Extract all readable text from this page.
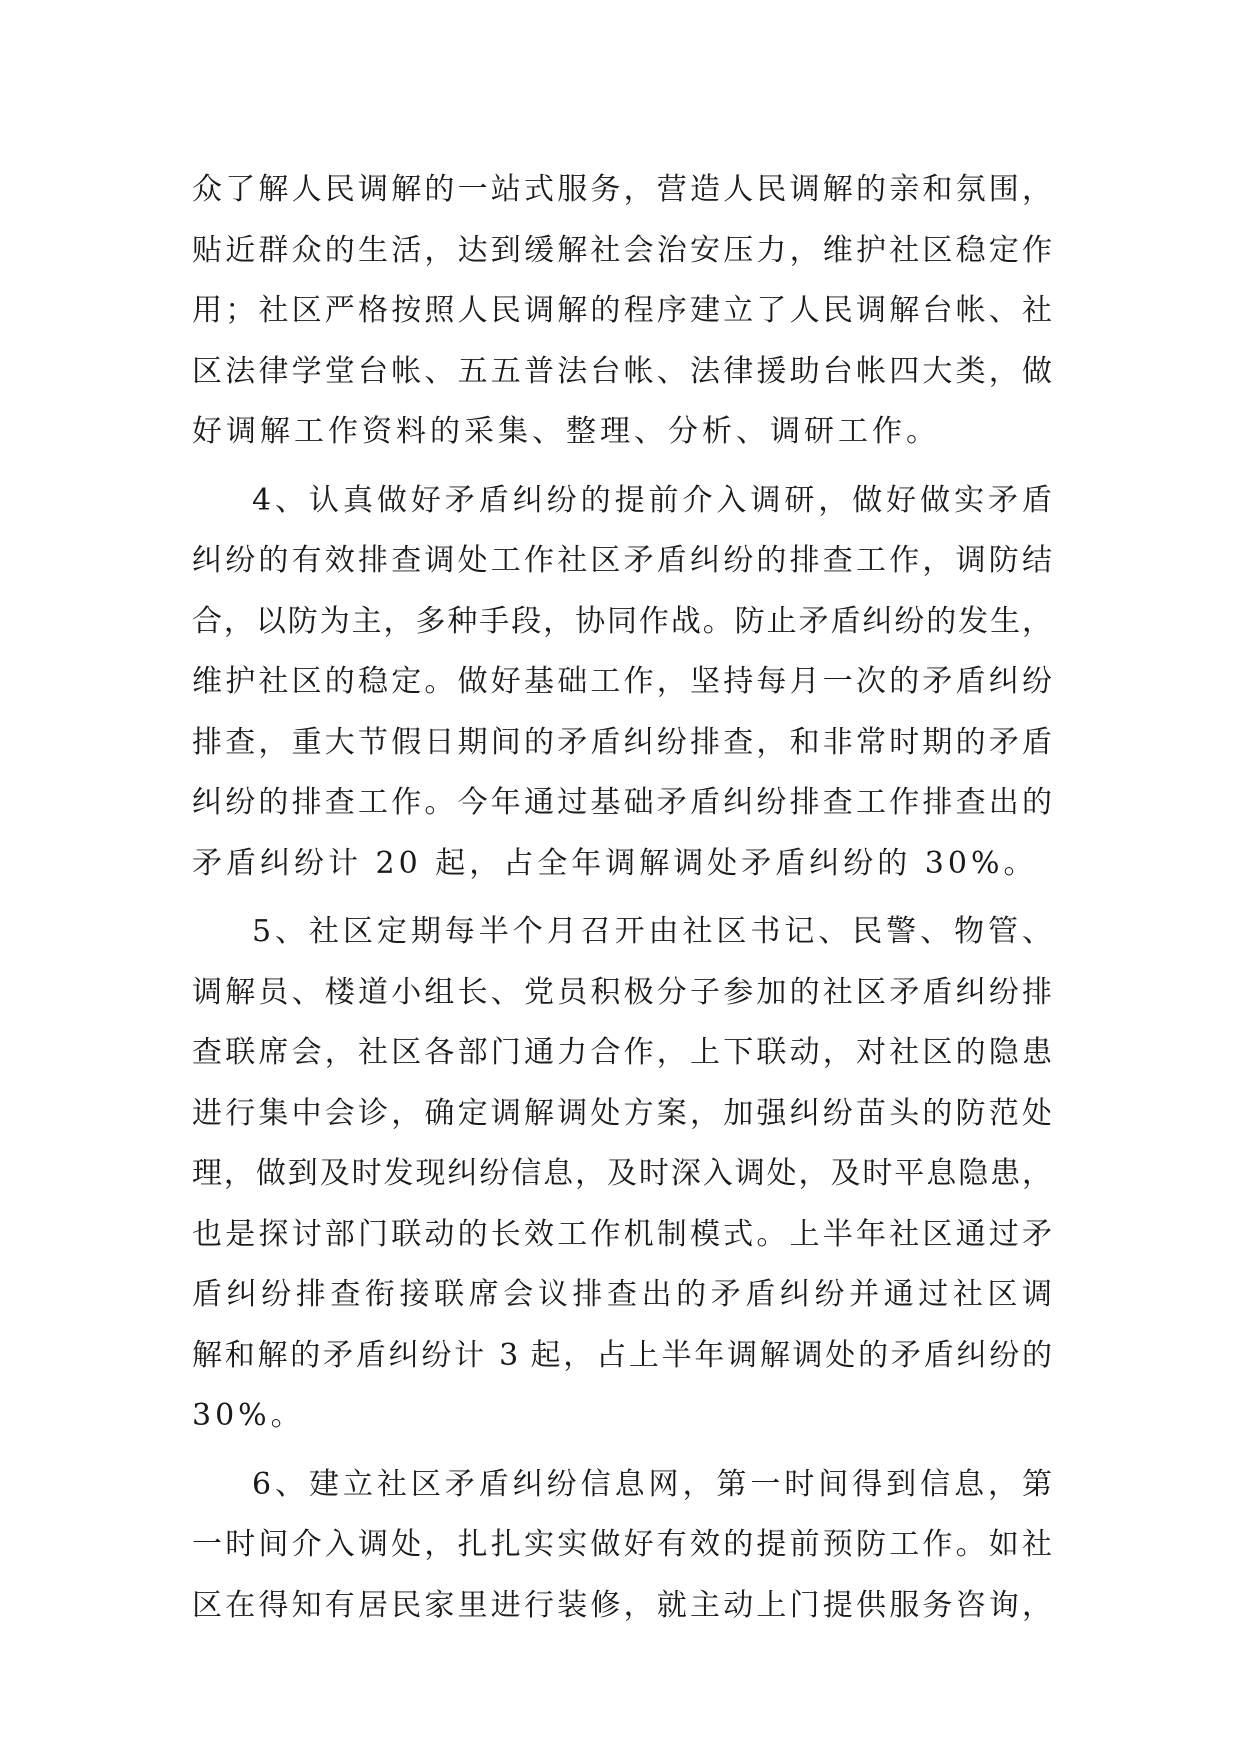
众了解人民调解的一站式服务，营造人民调解的亲和氛围，
贴近群众的生活，达到缓解社会治安压力，维护社区稳定作
用；社区严格按照人民调解的程序建立了人民调解台帐、社
区法律学堂台帐、五五普法台帐、法律援助台帐四大类，做
好调解工作资料的采集、整理、分析、调研工作。
4、认真做好矛盾纠纷的提前介入调研，做好做实矛盾
纠纷的有效排查调处工作社区矛盾纠纷的排查工作，调防结
合，以防为主，多种手段，协同作战。防止矛盾纠纷的发生，
维护社区的稳定。做好基础工作，坚持每月一次的矛盾纠纷
排查，重大节假日期间的矛盾纠纷排查，和非常时期的矛盾
纠纷的排查工作。今年通过基础矛盾纠纷排查工作排查出的
矛盾纠纷计 20 起，占全年调解调处矛盾纠纷的 30%。
5、社区定期每半个月召开由社区书记、民警、物管、
调解员、楼道小组长、党员积极分子参加的社区矛盾纠纷排
查联席会，社区各部门通力合作，上下联动，对社区的隐患
进行集中会诊，确定调解调处方案，加强纠纷苗头的防范处
理，做到及时发现纠纷信息，及时深入调处，及时平息隐患，
也是探讨部门联动的长效工作机制模式。上半年社区通过矛
盾纠纷排查衔接联席会议排查出的矛盾纠纷并通过社区调
解和解的矛盾纠纷计 3 起，占上半年调解调处的矛盾纠纷的
30%。
6、建立社区矛盾纠纷信息网，第一时间得到信息，第
一时间介入调处，扎扎实实做好有效的提前预防工作。如社
区在得知有居民家里进行装修，就主动上门提供服务咨询，
